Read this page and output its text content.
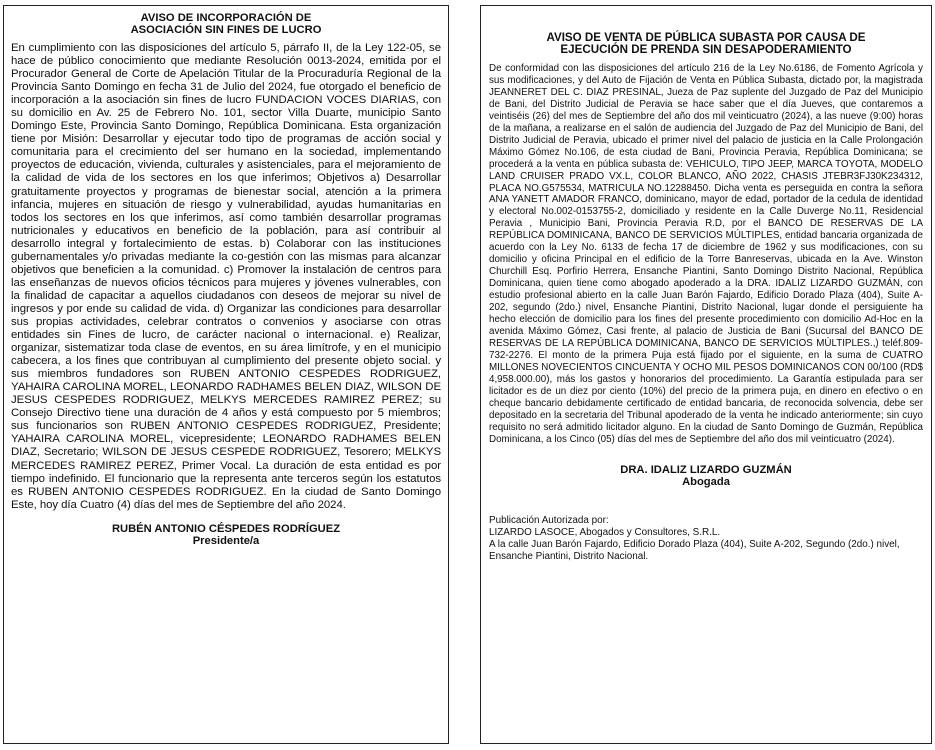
AVISO DE INCORPORACIÓN DE
ASOCIACIÓN SIN FINES DE LUCRO

En cumplimiento con las disposiciones del artículo 5, párrafo II, de la Ley 122-05, se hace de público conocimiento que mediante Resolución 0013-2024, emitida por el Procurador General de Corte de Apelación Titular de la Procuraduría Regional de la Provincia Santo Domingo en fecha 31 de Julio del 2024, fue otorgado el beneficio de incorporación a la asociación sin fines de lucro FUNDACION VOCES DIARIAS, con su domicilio en Av. 25 de Febrero No. 101, sector Villa Duarte, municipio Santo Domingo Este, Provincia Santo Domingo, República Dominicana. Esta organización tiene por Misión: Desarrollar y ejecutar todo tipo de programas de acción social y comunitaria para el crecimiento del ser humano en la sociedad, implementando proyectos de educación, vivienda, culturales y asistenciales, para el mejoramiento de la calidad de vida de los sectores en los que inferimos; Objetivos a) Desarrollar gratuitamente proyectos y programas de bienestar social, atención a la primera infancia, mujeres en situación de riesgo y vulnerabilidad, ayudas humanitarias en todos los sectores en los que inferimos, así como también desarrollar programas nutricionales y educativos en beneficio de la población, para así contribuir al desarrollo integral y fortalecimiento de estas. b) Colaborar con las instituciones gubernamentales y/o privadas mediante la co-gestión con las mismas para alcanzar objetivos que beneficien a la comunidad. c) Promover la instalación de centros para las enseñanzas de nuevos oficios técnicos para mujeres y jóvenes vulnerables, con la finalidad de capacitar a aquellos ciudadanos con deseos de mejorar su nivel de ingresos y por ende su calidad de vida. d) Organizar las condiciones para desarrollar sus propias actividades, celebrar contratos o convenios y asociarse con otras entidades sin Fines de lucro, de carácter nacional o internacional. e) Realizar, organizar, sistematizar toda clase de eventos, en su área limítrofe, y en el municipio cabecera, a los fines que contribuyan al cumplimiento del presente objeto social. y sus miembros fundadores son RUBEN ANTONIO CESPEDES RODRIGUEZ, YAHAIRA CAROLINA MOREL, LEONARDO RADHAMES BELEN DIAZ, WILSON DE JESUS CESPEDES RODRIGUEZ, MELKYS MERCEDES RAMIREZ PEREZ; su Consejo Directivo tiene una duración de 4 años y está compuesto por 5 miembros; sus funcionarios son RUBEN ANTONIO CESPEDES RODRIGUEZ, Presidente; YAHAIRA CAROLINA MOREL, vicepresidente; LEONARDO RADHAMES BELEN DIAZ, Secretario; WILSON DE JESUS CESPEDE RODRIGUEZ, Tesorero; MELKYS MERCEDES RAMIREZ PEREZ, Primer Vocal. La duración de esta entidad es por tiempo indefinido. El funcionario que la representa ante terceros según los estatutos es RUBEN ANTONIO CESPEDES RODRIGUEZ. En la ciudad de Santo Domingo Este, hoy día Cuatro (4) días del mes de Septiembre del año 2024.

RUBÉN ANTONIO CÉSPEDES RODRÍGUEZ
Presidente/a
AVISO DE VENTA DE PÚBLICA SUBASTA POR CAUSA DE
EJECUCIÓN DE PRENDA SIN DESAPODERAMIENTO

De conformidad con las disposiciones del artículo 216 de la Ley No.6186, de Fomento Agrícola y sus modificaciones, y del Auto de Fijación de Venta en Pública Subasta, dictado por, la magistrada JEANNERET DEL C. DIAZ PRESINAL, Jueza de Paz suplente del Juzgado de Paz del Municipio de Bani, del Distrito Judicial de Peravia se hace saber que el día Jueves, que contaremos a veintiséis (26) del mes de Septiembre del año dos mil veinticuatro (2024), a las nueve (9:00) horas de la mañana, a realizarse en el salón de audiencia del Juzgado de Paz del Municipio de Bani, del Distrito Judicial de Peravia, ubicado el primer nivel del palacio de justicia en la Calle Prolongación Máximo Gómez No.106, de esta ciudad de Bani, Provincia Peravia, República Dominicana; se procederá a la venta en pública subasta de: VEHICULO, TIPO JEEP, MARCA TOYOTA, MODELO LAND CRUISER PRADO VX.L, COLOR BLANCO, AÑO 2022, CHASIS JTEBR3FJ30K234312, PLACA NO.G575534, MATRICULA NO.12288450. Dicha venta es perseguida en contra la señora ANA YANETT AMADOR FRANCO, dominicano, mayor de edad, portador de la cedula de identidad y electoral No.002-0153755-2, domiciliado y residente en la Calle Duverge No.11, Residencial Peravia , Municipio Bani, Provincia Peravia R.D, por el BANCO DE RESERVAS DE LA REPÚBLICA DOMINICANA, BANCO DE SERVICIOS MÚLTIPLES, entidad bancaria organizada de acuerdo con la Ley No. 6133 de fecha 17 de diciembre de 1962 y sus modificaciones, con su domicilio y oficina Principal en el edificio de la Torre Banreservas, ubicada en la Ave. Winston Churchill Esq. Porfirio Herrera, Ensanche Piantini, Santo Domingo Distrito Nacional, República Dominicana, quien tiene como abogado apoderado a la DRA. IDALIZ LIZARDO GUZMÁN, con estudio profesional abierto en la calle Juan Barón Fajardo, Edificio Dorado Plaza (404), Suite A-202, segundo (2do.) nivel, Ensanche Piantini, Distrito Nacional, lugar donde el persiguiente ha hecho elección de domicilio para los fines del presente procedimiento con domicilio Ad-Hoc en la avenida Máximo Gómez, Casi frente, al palacio de Justicia de Bani (Sucursal del BANCO DE RESERVAS DE LA REPÚBLICA DOMINICANA, BANCO DE SERVICIOS MÚLTIPLES.,) teléf.809-732-2276. El monto de la primera Puja está fijado por el siguiente, en la suma de CUATRO MILLONES NOVECIENTOS CINCUENTA Y OCHO MIL PESOS DOMINICANOS CON 00/100 (RD$ 4,958.000.00), más los gastos y honorarios del procedimiento. La Garantía estipulada para ser licitador es de un diez por ciento (10%) del precio de la primera puja, en dinero en efectivo o en cheque bancario debidamente certificado de entidad bancaria, de reconocida solvencia, debe ser depositado en la secretaria del Tribunal apoderado de la venta he indicado anteriormente; sin cuyo requisito no será admitido licitador alguno. En la ciudad de Santo Domingo de Guzmán, República Dominicana, a los Cinco (05) días del mes de Septiembre del año dos mil veinticuatro (2024).

DRA. IDALIZ LIZARDO GUZMÁN
Abogada
Publicación Autorizada por:
LIZARDO LASOCE, Abogados y Consultores, S.R.L.
A la calle Juan Barón Fajardo, Edificio Dorado Plaza (404), Suite A-202, Segundo (2do.) nivel, Ensanche Piantini, Distrito Nacional.
